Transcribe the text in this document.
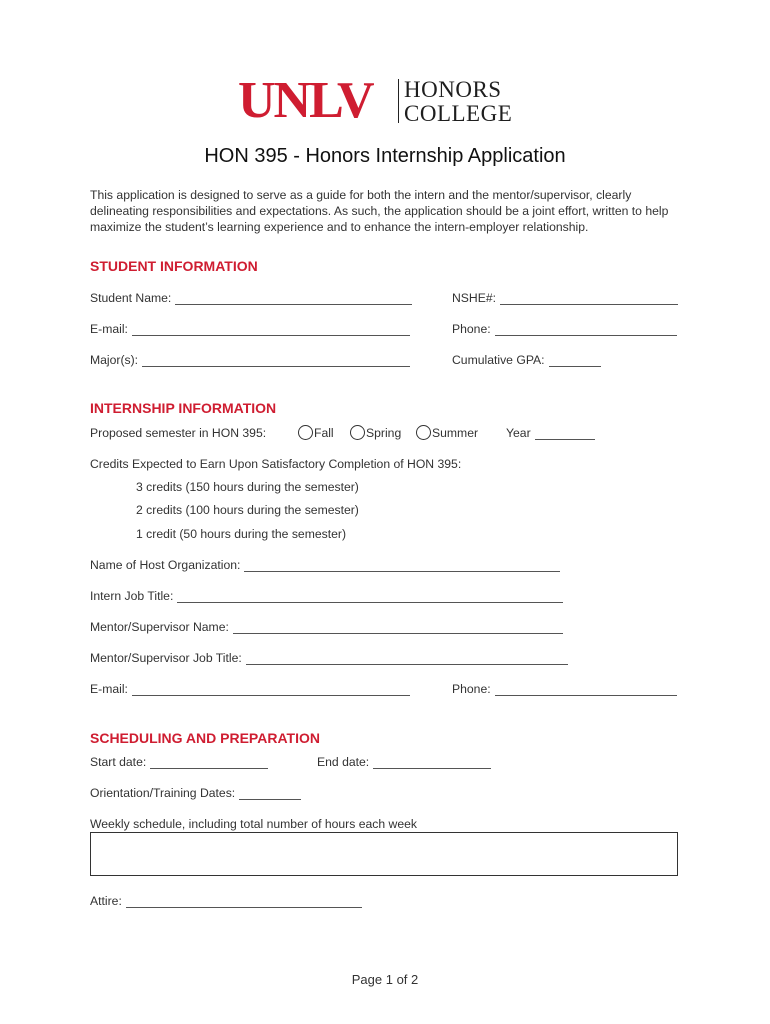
UNLV HONORS
COLLEGE
HON 395 - Honors Internship Application
This application is designed to serve as a guide for both the intern and the mentor/supervisor, clearly delineating responsibilities and expectations. As such, the application should be a joint effort, written to help maximize the student’s learning experience and to enhance the intern-employer relationship.
STUDENT INFORMATION
Student Name:	NSHE#:
E-mail:	Phone:
Major(s):	Cumulative GPA:
INTERNSHIP INFORMATION
Proposed semester in HON 395:	Fall	Spring	Summer Year
Credits Expected to Earn Upon Satisfactory Completion of HON 395:
3 credits (150 hours during the semester)
2 credits (100 hours during the semester)
1 credit (50 hours during the semester)
Name of Host Organization:
Intern Job Title:
Mentor/Supervisor Name:
Mentor/Supervisor Job Title:
E-mail:	Phone:
SCHEDULING AND PREPARATION
Start date:	End date:
Orientation/Training Dates:
Weekly schedule, including total number of hours each week
Attire:
Page 1 of 2
